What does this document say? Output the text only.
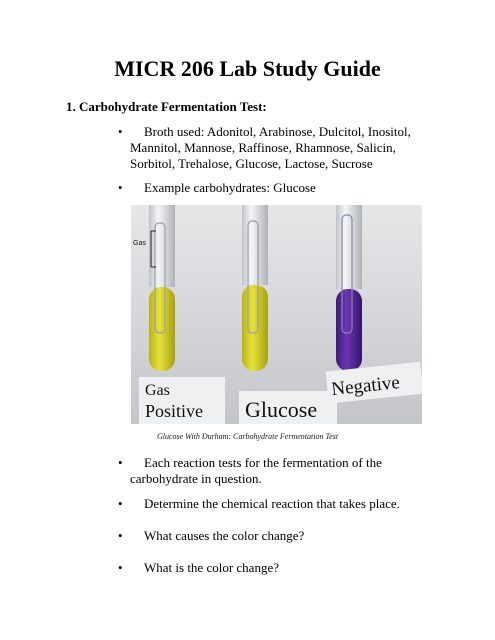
MICR 206 Lab Study Guide
1. Carbohydrate Fermentation Test:
•	Broth used: Adonitol, Arabinose, Dulcitol, Inositol, Mannitol, Mannose, Raffinose, Rhamnose, Salicin, Sorbitol, Trehalose, Glucose, Lactose, Sucrose
•	Example carbohydrates: Glucose
Gas
Gas
Positive Glucose
Negative
Glucose With Durham: Carbohydrate Fermentation Test
•	Each reaction tests for the fermentation of the carbohydrate in question.
•	Determine the chemical reaction that takes place.
•	What causes the color change?
•	What is the color change?
